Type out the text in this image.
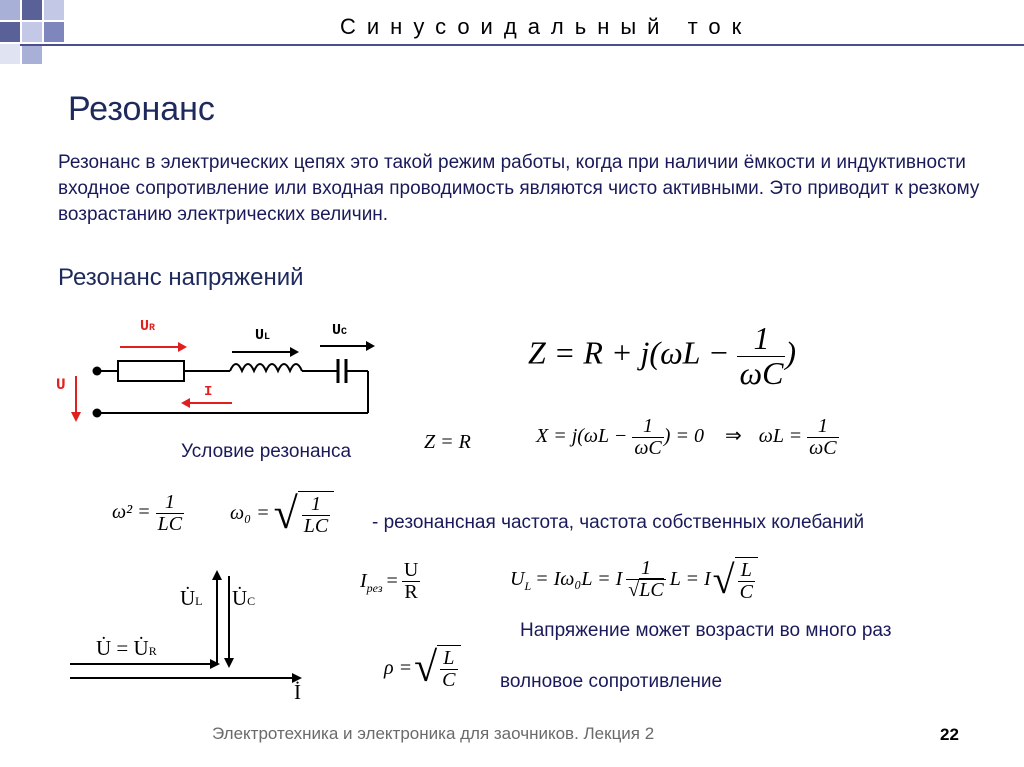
Синусоидальный ток
Резонанс
Резонанс в электрических цепях это такой режим работы, когда при наличии ёмкости и индуктивности входное сопротивление или входная проводимость являются чисто активными. Это приводит к резкому возрастанию электрических величин.
Резонанс напряжений
UR	UL	UC
U	I
$Z = R + j(\omega L - \frac{1}{\omega C}$ )
Условие резонанса	Z = R	$X = j(\omega L - \frac{1}{\omega C}$ ) = 0 ⇒ $\omega L = \frac{1}{\omega C}$
$\omega^2 = \frac{1}{LC} \omega_0$ = √ $\frac{1}{LC}$ - резонансная частота, частота собственных колебаний
U̇L U̇C
U̇ = U̇R
İ
I рез = $\frac{U}{R}$	U L = Iω₀L = I $\frac{1}{√LC}$ L = I √ $\frac{L}{C}$
Напряжение может возрасти во много раз
ρ = √ $\frac{L}{C}$ волновое сопротивление
Электротехника и электроника для заочников. Лекция 2	22
